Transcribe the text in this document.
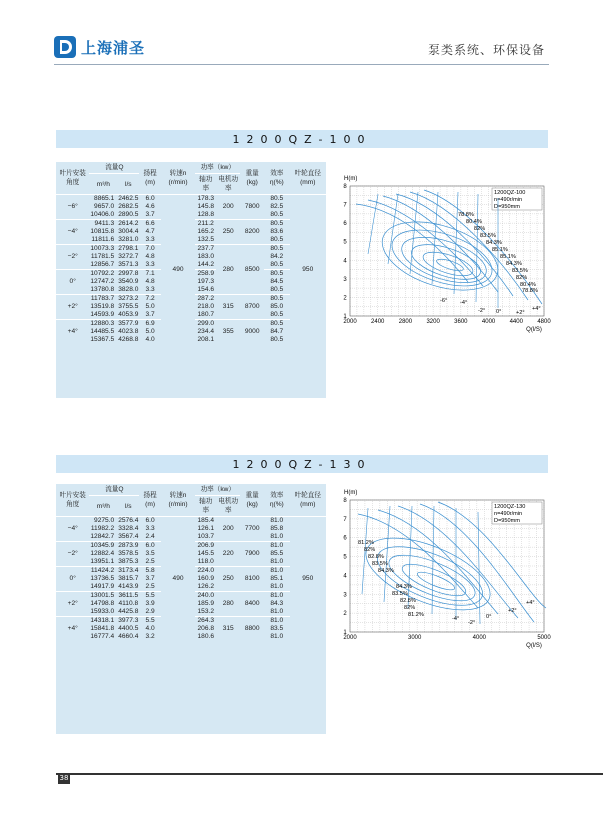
上海浦圣	泵类系统、环保设备
1200QZ-100
叶片安装角度	流量Q		扬程(m)	转速n (r/min)	功率（kw）		重量(kg)	效率η(%)	叶轮直径(mm)
	m³/h	l/s			轴功率	电机功率			
−6°	8865.1	2462.5	6.0	490	178.3	200	7800	80.5	950
	9657.0	2682.5	4.6		145.8			82.5	
	10406.0	2890.5	3.7		128.8			80.5	
−4°	9411.3	2614.2	6.6		211.2	250	8200	80.5	
	10815.8	3004.4	4.7		165.2			83.6	
	11811.6	3281.0	3.3		132.5			80.5	
−2°	10073.3	2798.1	7.0		237.7	280	8500	80.5	
	11781.5	3272.7	4.8		183.0			84.2	
	12856.7	3571.3	3.3		144.2			80.5	
0°	10792.2	2997.8	7.1		258.9			80.5	
	12747.2	3540.9	4.8		197.3			84.5	
	13780.8	3828.0	3.3		154.6			80.5	
+2°	11783.7	3273.2	7.2		287.2	315	8700	80.5	
	13519.8	3755.5	5.0		218.0			85.0	
	14593.9	4053.9	3.7		180.7			80.5	
+4°	12880.3	3577.9	6.9		299.0	355	9000	80.5	
	14485.5	4023.8	5.0		234.4			84.7	
	15367.5	4268.8	4.0		208.1			80.5	
H(m)
2000 2400 2800 3200 3600 4000 4400 4800
1
2
3
4
5
6
7
8
Q(l/S)
1200QZ-100
n=490r/min
D=950mm
78.8%
80.4%
82%
83.5%
84.3%
85.1%
85.1%
84.3%
83.5%
82%
80.4%
78.8%
-6° -4°
-2° 0°	+2°
+4°
1200QZ-130
叶片安装角度	流量Q		扬程(m)	转速n (r/min)	功率（kw）		重量(kg)	效率η(%)	叶轮直径(mm)
	m³/h	l/s			轴功率	电机功率			
−4°	9275.0	2576.4	6.0	490	185.4	200	7700	81.0	950
	11982.2	3328.4	3.3		126.1			85.8	
	12842.7	3567.4	2.4		103.7			81.0	
−2°	10345.9	2873.9	6.0		206.9	220	7900	81.0	
	12882.4	3578.5	3.5		145.5			85.5	
	13951.1	3875.3	2.5		118.0			81.0	
0°	11424.2	3173.4	5.8		224.0	250	8100	81.0	
	13736.5	3815.7	3.7		160.9			85.1	
	14917.9	4143.9	2.5		126.2			81.0	
+2°	13001.5	3611.5	5.5		240.0	280	8400	81.0	
	14798.8	4110.8	3.9		185.9			84.3	
	15933.0	4425.8	2.9		153.2			81.0	
+4°	14318.1	3977.3	5.5		264.3	315	8800	81.0	
	15841.8	4400.5	4.0		206.8			83.5	
	16777.4	4660.4	3.2		180.6			81.0	
H(m)
2000	3000	4000	5000
1
2
3
4
5
6
7
8
Q(l/S)
1200QZ-130
n=490r/min
D=950mm
81.2%
82%
82.8%
83.5%
84.3%
84.3%
83.5%
82.8%
82%
81.2%
-4°
-2°
0°
+2°
+4°
38
